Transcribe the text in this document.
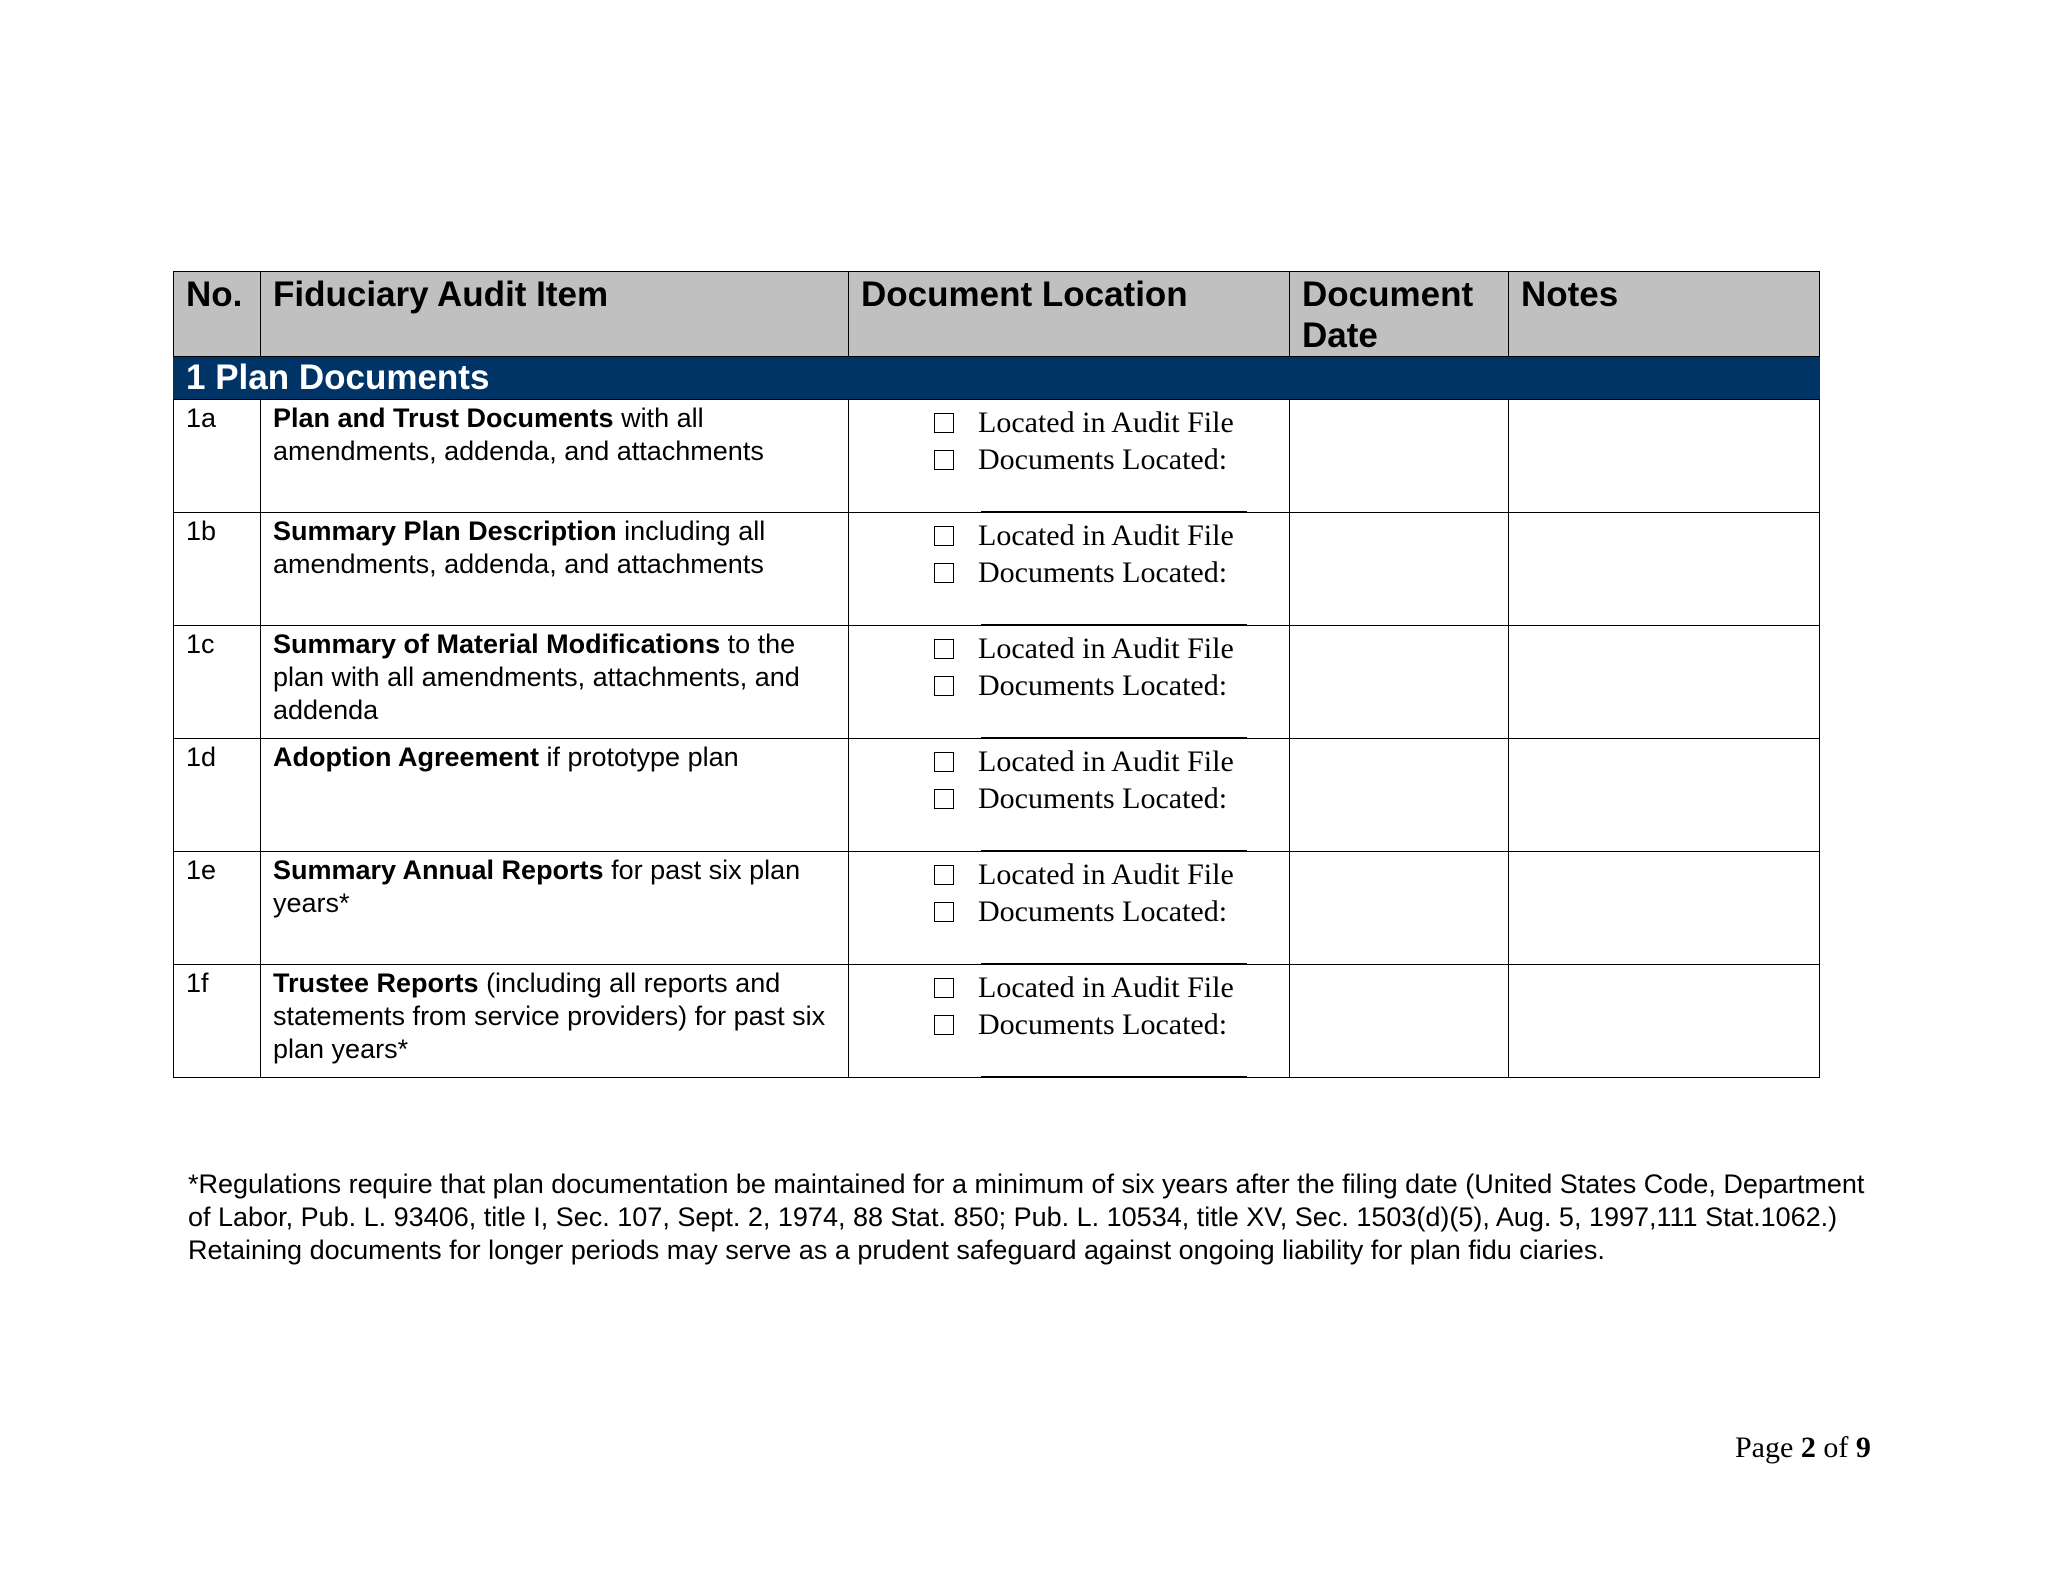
No.	Fiduciary Audit Item	Document Location	Document Date	Notes
1 Plan Documents				
1a	Plan and Trust Documents with all amendments, addenda, and attachments	Located in Audit File
Documents Located:		

1b	Summary Plan Description including all amendments, addenda, and attachments	Located in Audit File
Documents Located:		

1c	Summary of Material Modifications to the plan with all amendments, attachments, and addenda	Located in Audit File
Documents Located:		

1d	Adoption Agreement if prototype plan	Located in Audit File
Documents Located:		

1e	Summary Annual Reports for past six plan years*	Located in Audit File
Documents Located:		

1f	Trustee Reports (including all reports and statements from service providers) for past six plan years*	Located in Audit File
Documents Located:		

*Regulations require that plan documentation be maintained for a minimum of six years after the filing date (United States Code, Department of Labor, Pub. L. 93406, title I, Sec. 107, Sept. 2, 1974, 88 Stat. 850; Pub. L. 10534, title XV, Sec. 1503(d)(5), Aug. 5, 1997,111 Stat.1062.) Retaining documents for longer periods may serve as a prudent safeguard against ongoing liability for plan fidu ciaries.
Page 2 of 9
